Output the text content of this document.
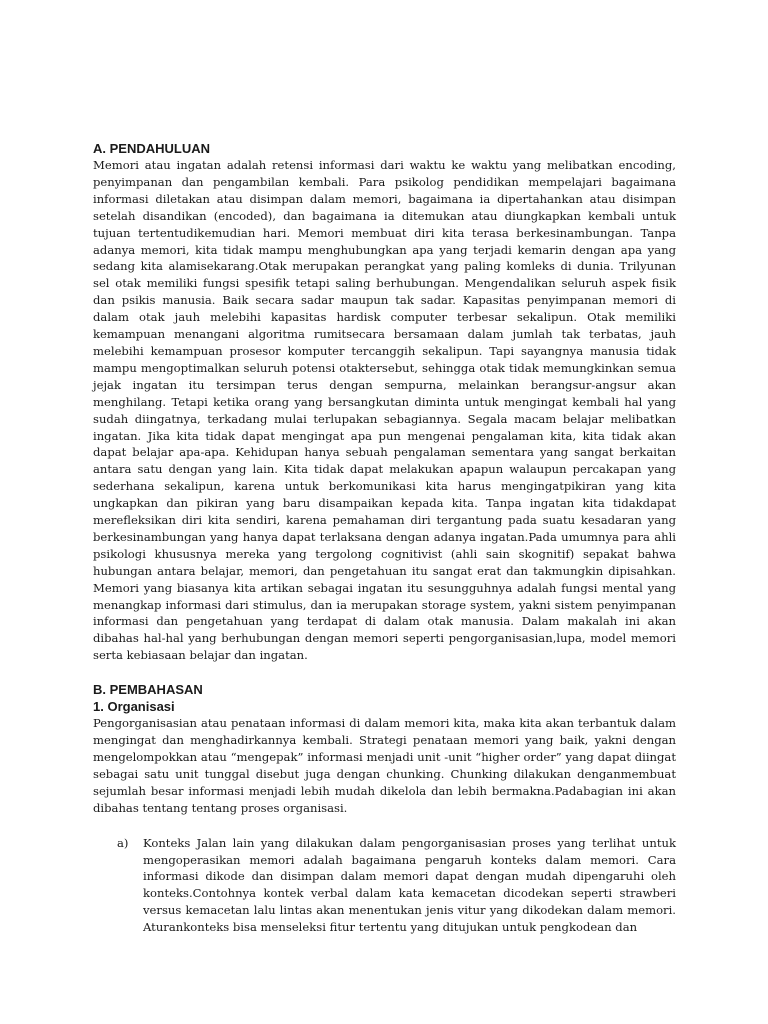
A. PENDAHULUAN

Memori atau ingatan adalah retensi informasi dari waktu ke waktu yang melibatkan encoding, penyimpanan dan pengambilan kembali. Para psikolog pendidikan mempelajari bagaimana informasi diletakan atau disimpan dalam memori, bagaimana ia dipertahankan atau disimpan setelah disandikan (encoded), dan bagaimana ia ditemukan atau diungkapkan kembali untuk tujuan tertentudikemudian hari. Memori membuat diri kita terasa berkesinambungan. Tanpa adanya memori, kita tidak mampu menghubungkan apa yang terjadi kemarin dengan apa yang sedang kita alamisekarang.Otak merupakan perangkat yang paling komleks di dunia. Trilyunan sel otak memiliki fungsi spesifik tetapi saling berhubungan. Mengendalikan seluruh aspek fisik dan psikis manusia. Baik secara sadar maupun tak sadar. Kapasitas penyimpanan memori di dalam otak jauh melebihi kapasitas hardisk computer terbesar sekalipun. Otak memiliki kemampuan menangani algoritma rumitsecara bersamaan dalam jumlah tak terbatas, jauh melebihi kemampuan prosesor komputer tercanggih sekalipun. Tapi sayangnya manusia tidak mampu mengoptimalkan seluruh potensi otaktersebut, sehingga otak tidak memungkinkan semua jejak ingatan itu tersimpan terus dengan sempurna, melainkan berangsur-angsur akan menghilang. Tetapi ketika orang yang bersangkutan diminta untuk mengingat kembali hal yang sudah diingatnya, terkadang mulai terlupakan sebagiannya. Segala macam belajar melibatkan ingatan. Jika kita tidak dapat mengingat apa pun mengenai pengalaman kita, kita tidak akan dapat belajar apa-apa. Kehidupan hanya sebuah pengalaman sementara yang sangat berkaitan antara satu dengan yang lain. Kita tidak dapat melakukan apapun walaupun percakapan yang sederhana sekalipun, karena untuk berkomunikasi kita harus mengingatpikiran yang kita ungkapkan dan pikiran yang baru disampaikan kepada kita. Tanpa ingatan kita tidakdapat merefleksikan diri kita sendiri, karena pemahaman diri tergantung pada suatu kesadaran yang berkesinambungan yang hanya dapat terlaksana dengan adanya ingatan.Pada umumnya para ahli psikologi khususnya mereka yang tergolong cognitivist (ahli sain skognitif) sepakat bahwa hubungan antara belajar, memori, dan pengetahuan itu sangat erat dan takmungkin dipisahkan. Memori yang biasanya kita artikan sebagai ingatan itu sesungguhnya adalah fungsi mental yang menangkap informasi dari stimulus, dan ia merupakan storage system, yakni sistem penyimpanan informasi dan pengetahuan yang terdapat di dalam otak manusia. Dalam makalah ini akan dibahas hal-hal yang berhubungan dengan memori seperti pengorganisasian,lupa, model memori serta kebiasaan belajar dan ingatan.

B. PEMBAHASAN
1. Organisasi

Pengorganisasian atau penataan informasi di dalam memori kita, maka kita akan terbantuk dalam mengingat dan menghadirkannya kembali. Strategi penataan memori yang baik, yakni dengan mengelompokkan atau “mengepak” informasi menjadi unit -unit “higher order” yang dapat diingat sebagai satu unit tunggal disebut juga dengan chunking. Chunking dilakukan denganmembuat sejumlah besar informasi menjadi lebih mudah dikelola dan lebih bermakna.Padabagian ini akan dibahas tentang tentang proses organisasi.

a) Konteks Jalan lain yang dilakukan dalam pengorganisasian proses yang terlihat untuk mengoperasikan memori adalah bagaimana pengaruh konteks dalam memori. Cara informasi dikode dan disimpan dalam memori dapat dengan mudah dipengaruhi oleh konteks.Contohnya kontek verbal dalam kata kemacetan dicodekan seperti strawberi versus kemacetan lalu lintas akan menentukan jenis vitur yang dikodekan dalam memori. Aturankonteks bisa menseleksi fitur tertentu yang ditujukan untuk pengkodean dan
